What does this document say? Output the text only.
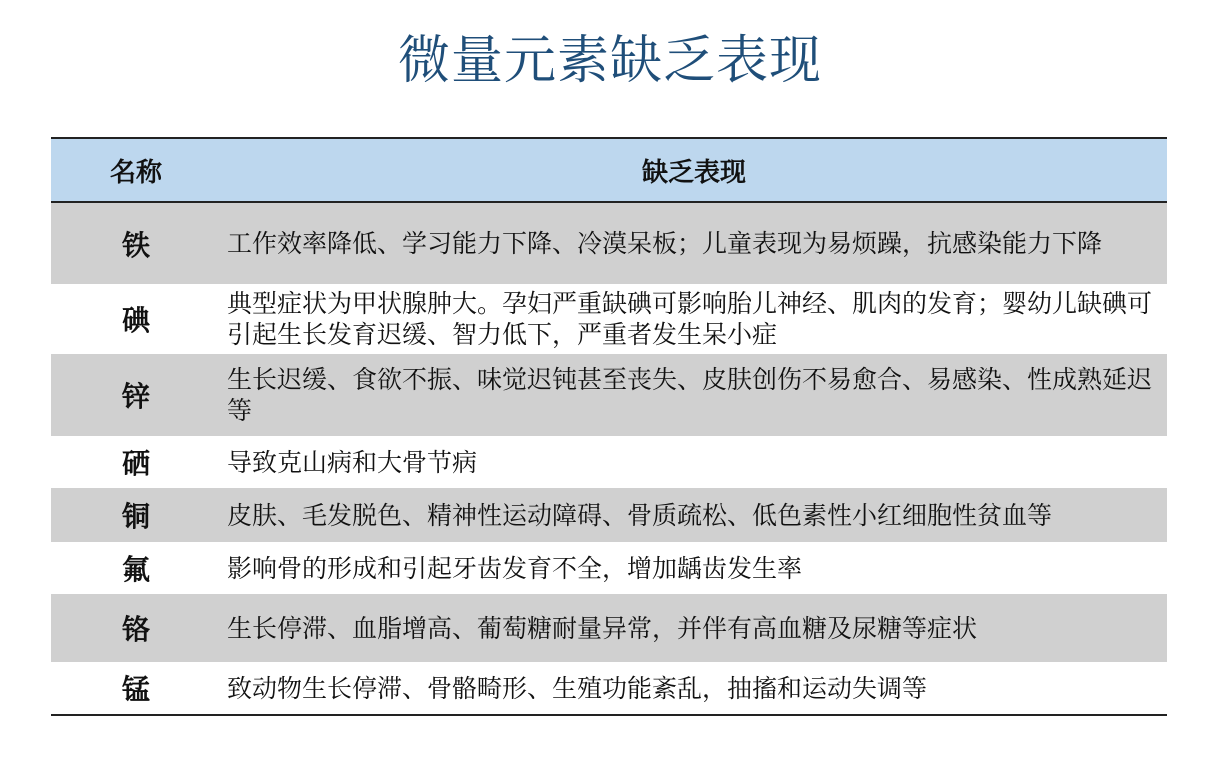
微量元素缺乏表现
名称	缺乏表现
铁	工作效率降低、学习能力下降、冷漠呆板；儿童表现为易烦躁，抗感染能力下降
碘	典型症状为甲状腺肿大。孕妇严重缺碘可影响胎儿神经、肌肉的发育；婴幼儿缺碘可引起生长发育迟缓、智力低下，严重者发生呆小症
锌	生长迟缓、食欲不振、味觉迟钝甚至丧失、皮肤创伤不易愈合、易感染、性成熟延迟等
硒	导致克山病和大骨节病
铜	皮肤、毛发脱色、精神性运动障碍、骨质疏松、低色素性小红细胞性贫血等
氟	影响骨的形成和引起牙齿发育不全，增加龋齿发生率
铬	生长停滞、血脂增高、葡萄糖耐量异常，并伴有高血糖及尿糖等症状
锰	致动物生长停滞、骨骼畸形、生殖功能紊乱，抽搐和运动失调等
